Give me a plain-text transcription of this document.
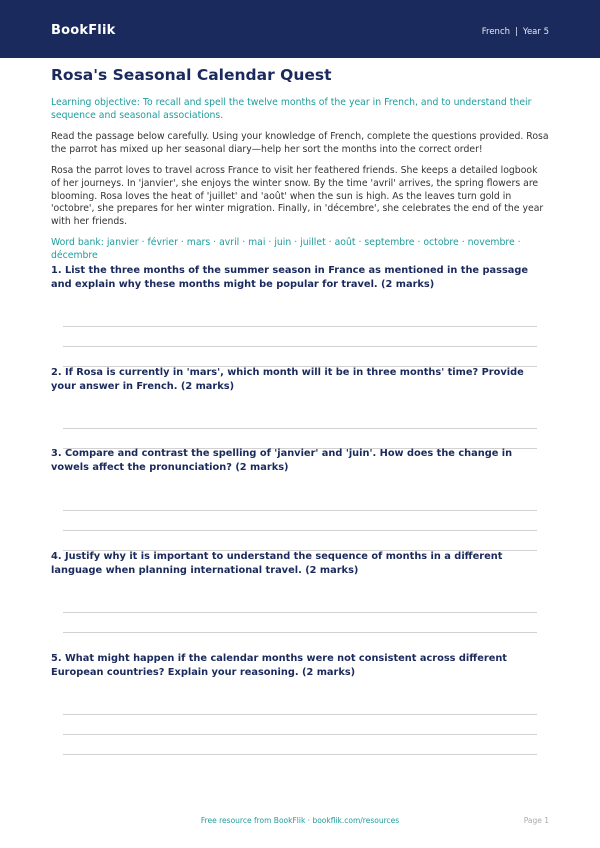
BookFlik	French | Year 5
Rosa's Seasonal Calendar Quest
Learning objective: To recall and spell the twelve months of the year in French, and to understand their sequence and seasonal associations.
Read the passage below carefully. Using your knowledge of French, complete the questions provided. Rosa the parrot has mixed up her seasonal diary—help her sort the months into the correct order!
Rosa the parrot loves to travel across France to visit her feathered friends. She keeps a detailed logbook of her journeys. In 'janvier', she enjoys the winter snow. By the time 'avril' arrives, the spring flowers are blooming. Rosa loves the heat of 'juillet' and 'août' when the sun is high. As the leaves turn gold in 'octobre', she prepares for her winter migration. Finally, in 'décembre', she celebrates the end of the year with her friends.
Word bank: janvier · février · mars · avril · mai · juin · juillet · août · septembre · octobre · novembre · décembre
1. List the three months of the summer season in France as mentioned in the passage and explain why these months might be popular for travel. (2 marks)
2. If Rosa is currently in 'mars', which month will it be in three months' time? Provide your answer in French. (2 marks)
3. Compare and contrast the spelling of 'janvier' and 'juin'. How does the change in vowels affect the pronunciation? (2 marks)
4. Justify why it is important to understand the sequence of months in a different language when planning international travel. (2 marks)
5. What might happen if the calendar months were not consistent across different European countries? Explain your reasoning. (2 marks)
Free resource from BookFlik · bookflik.com/resources	Page 1
